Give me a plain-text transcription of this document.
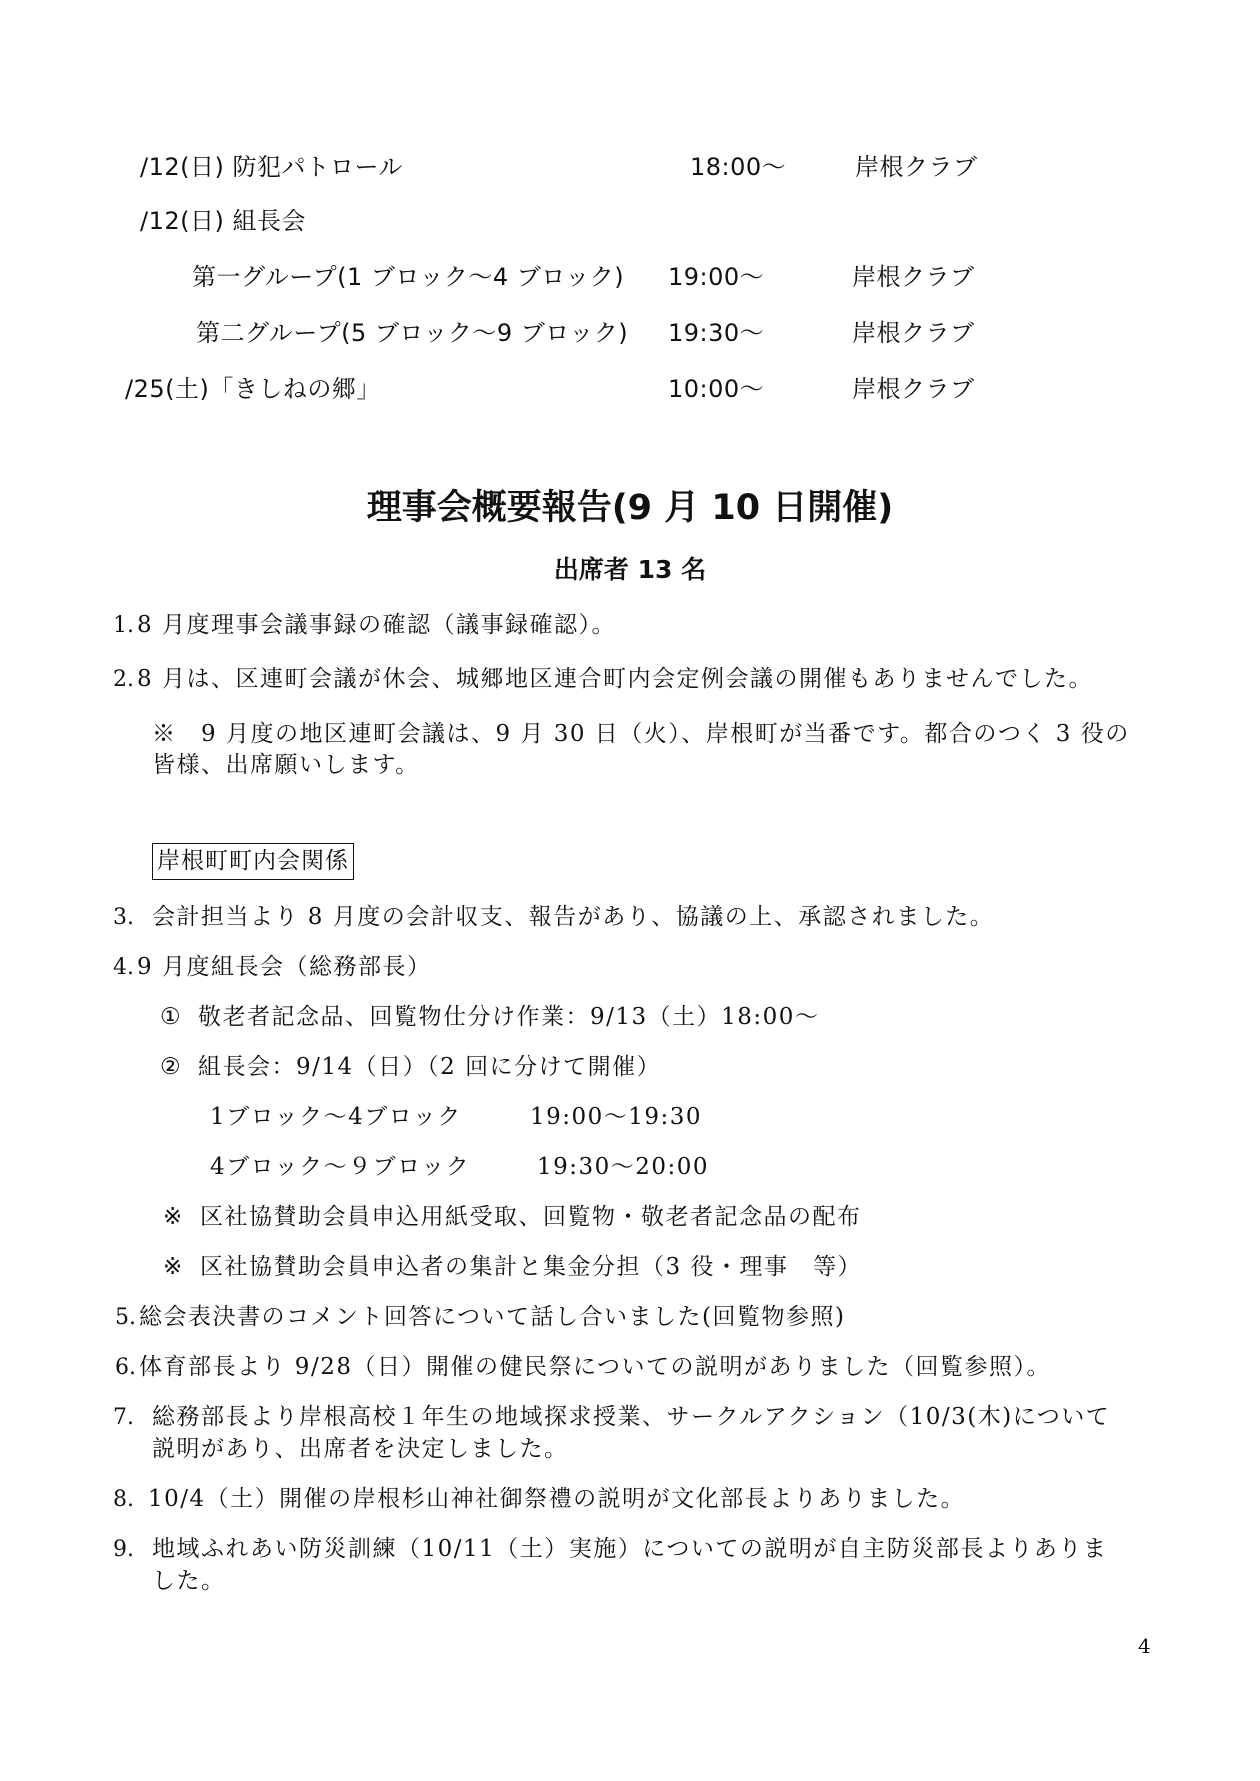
/12(日) 防犯パトロール	18:00～	岸根クラブ
/12(日) 組長会
第一グループ(1 ブロック～4 ブロック) 19:00～	岸根クラブ
第二グループ(5 ブロック～9 ブロック) 19:30～	岸根クラブ
/25(土)「きしねの郷」	10:00～	岸根クラブ
理事会概要報告(9 月 10 日開催)
出席者 13 名
1. 8 月度理事会議事録の確認（議事録確認）。
2. 8 月は、区連町会議が休会、城郷地区連合町内会定例会議の開催もありませんでした。
※　9 月度の地区連町会議は、9 月 30 日（火）、岸根町が当番です。都合のつく 3 役の
皆様、出席願いします。
岸根町町内会関係
3. 会計担当より 8 月度の会計収支、報告があり、協議の上、承認されました。
4. 9 月度組長会（総務部長）
① 敬老者記念品、回覧物仕分け作業：9/13（土）18:00～
② 組長会：9/14（日）（2 回に分けて開催）
1ブロック～4ブロック	19:00～19:30
4ブロック～９ブロック	19:30～20:00
※ 区社協賛助会員申込用紙受取、回覧物・敬老者記念品の配布
※ 区社協賛助会員申込者の集計と集金分担（3 役・理事　等）
5. 総会表決書のコメント回答について話し合いました(回覧物参照)
6. 体育部長より 9/28（日）開催の健民祭についての説明がありました（回覧参照）。
7. 総務部長より岸根高校１年生の地域探求授業、サークルアクション（10/3(木)について
説明があり、出席者を決定しました。
8. 10/4（土）開催の岸根杉山神社御祭禮の説明が文化部長よりありました。
9. 地域ふれあい防災訓練（10/11（土）実施）についての説明が自主防災部長よりありま
した。
4
